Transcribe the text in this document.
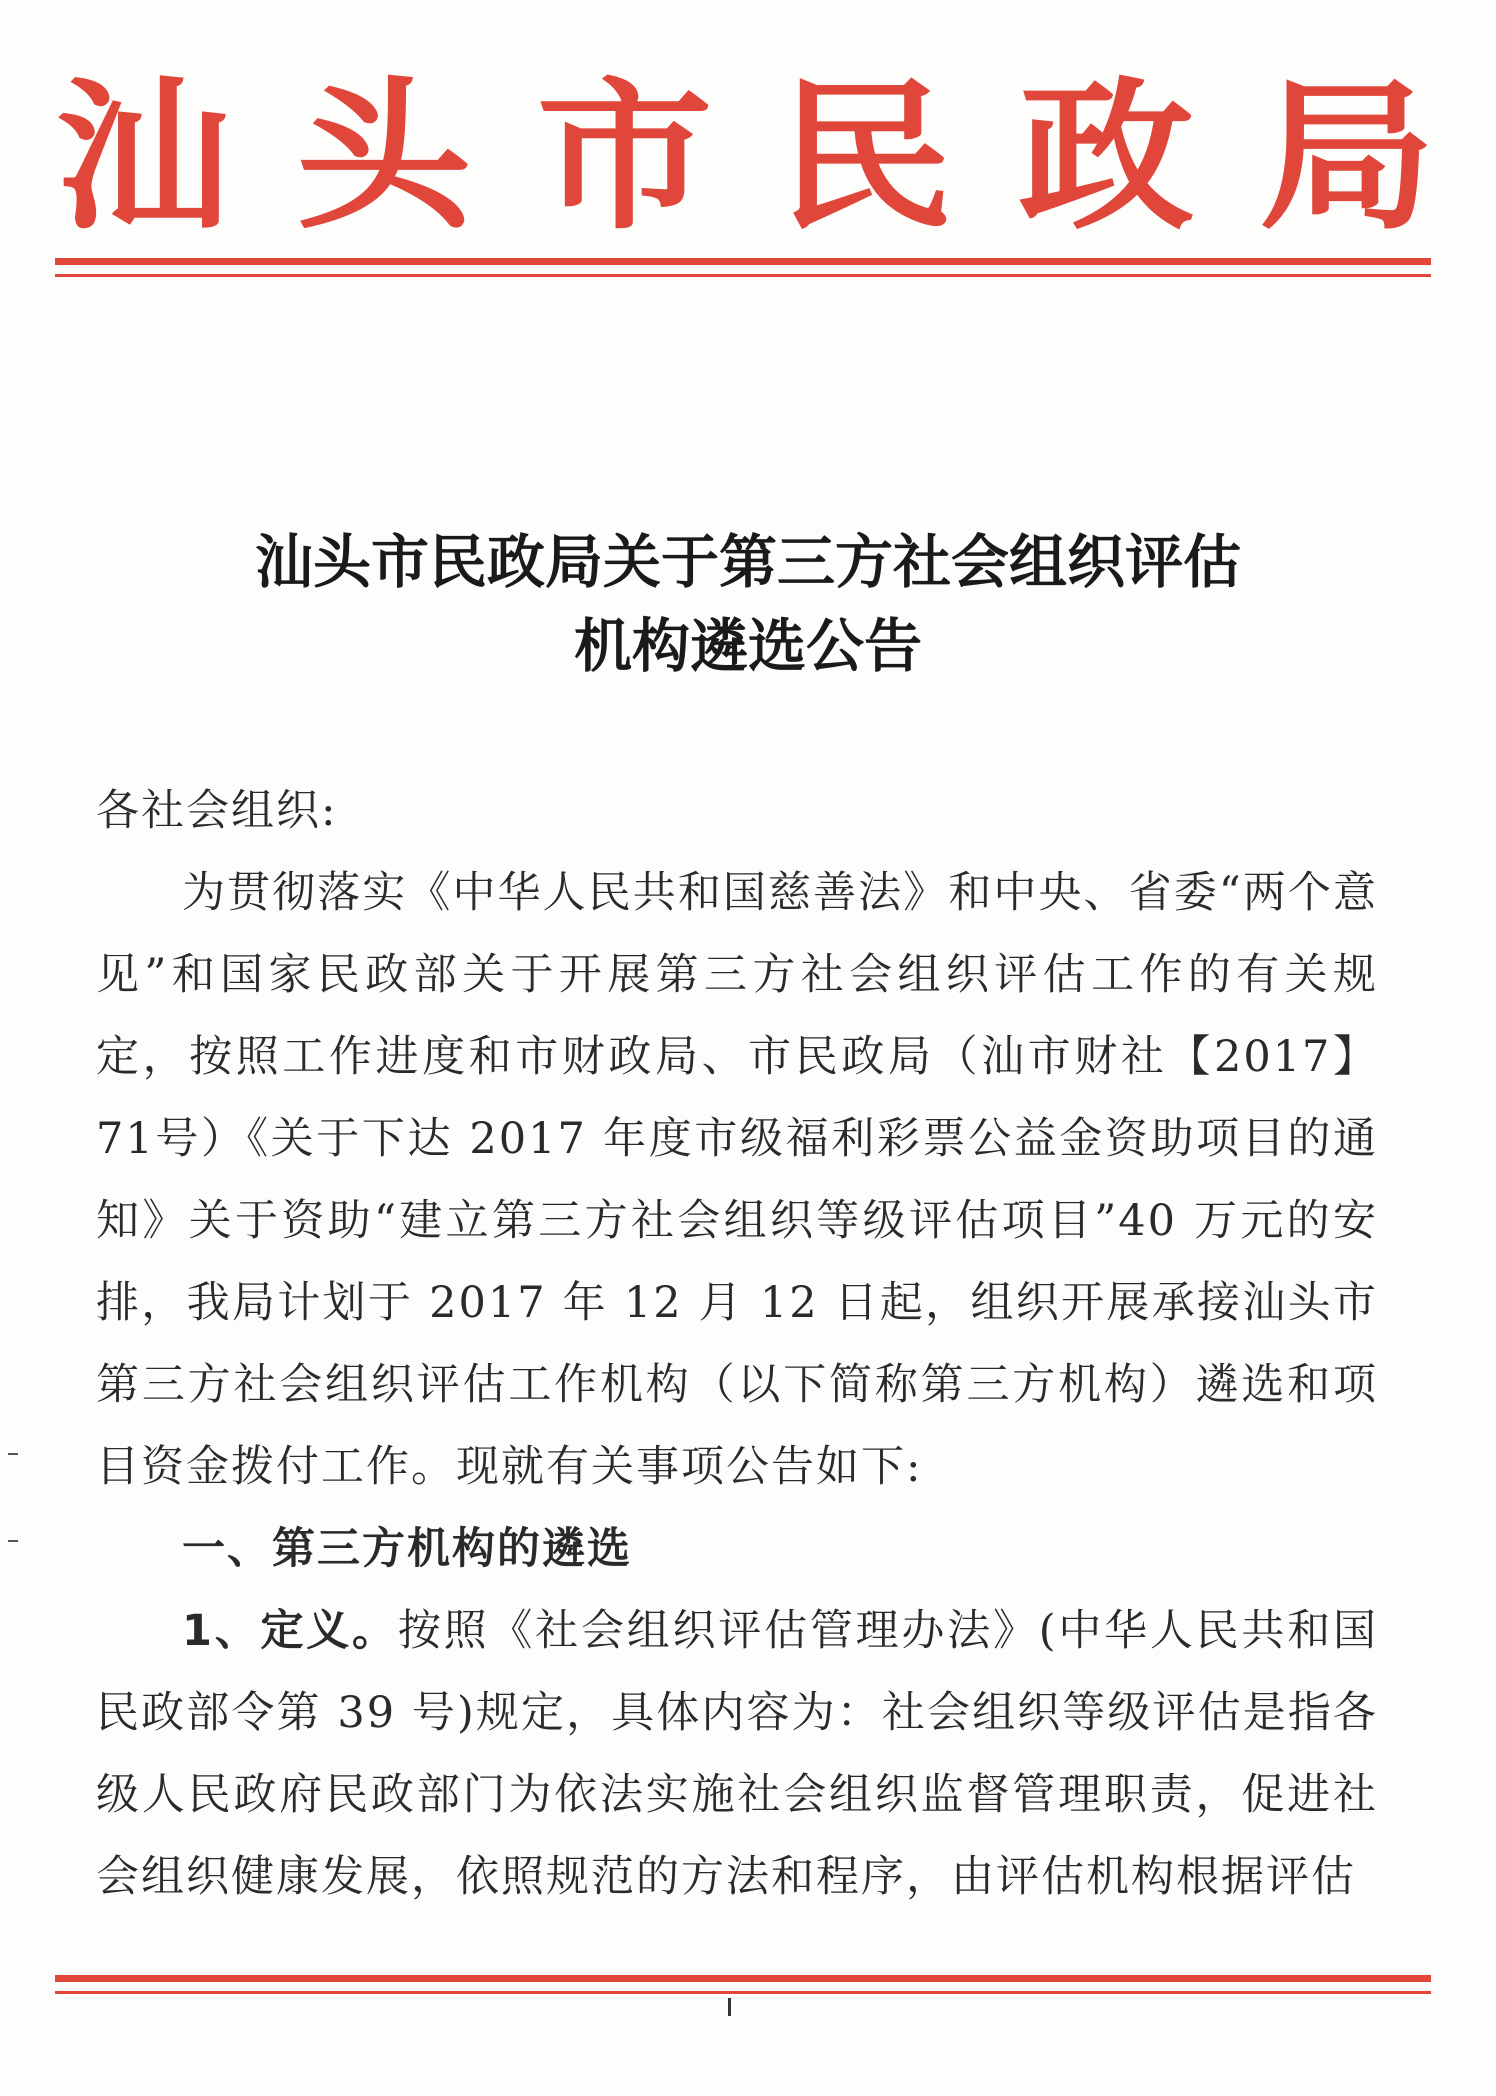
汕 头 市 民 政 局
汕头市民政局关于第三方社会组织评估
机构遴选公告

各社会组织:

为贯彻落实《中华人民共和国慈善法》和中央、省委“两个意见”和国家民政部关于开展第三方社会组织评估工作的有关规定，按照工作进度和市财政局、市民政局（汕市财社【2017】71号）《关于下达 2017 年度市级福利彩票公益金资助项目的通知》关于资助“建立第三方社会组织等级评估项目”40 万元的安排，我局计划于 2017 年 12 月 12 日起，组织开展承接汕头市第三方社会组织评估工作机构（以下简称第三方机构）遴选和项目资金拨付工作。现就有关事项公告如下:

一、第三方机构的遴选

1、定义。按照《社会组织评估管理办法》(中华人民共和国民政部令第 39 号)规定，具体内容为：社会组织等级评估是指各级人民政府民政部门为依法实施社会组织监督管理职责，促进社会组织健康发展，依照规范的方法和程序，由评估机构根据评估
